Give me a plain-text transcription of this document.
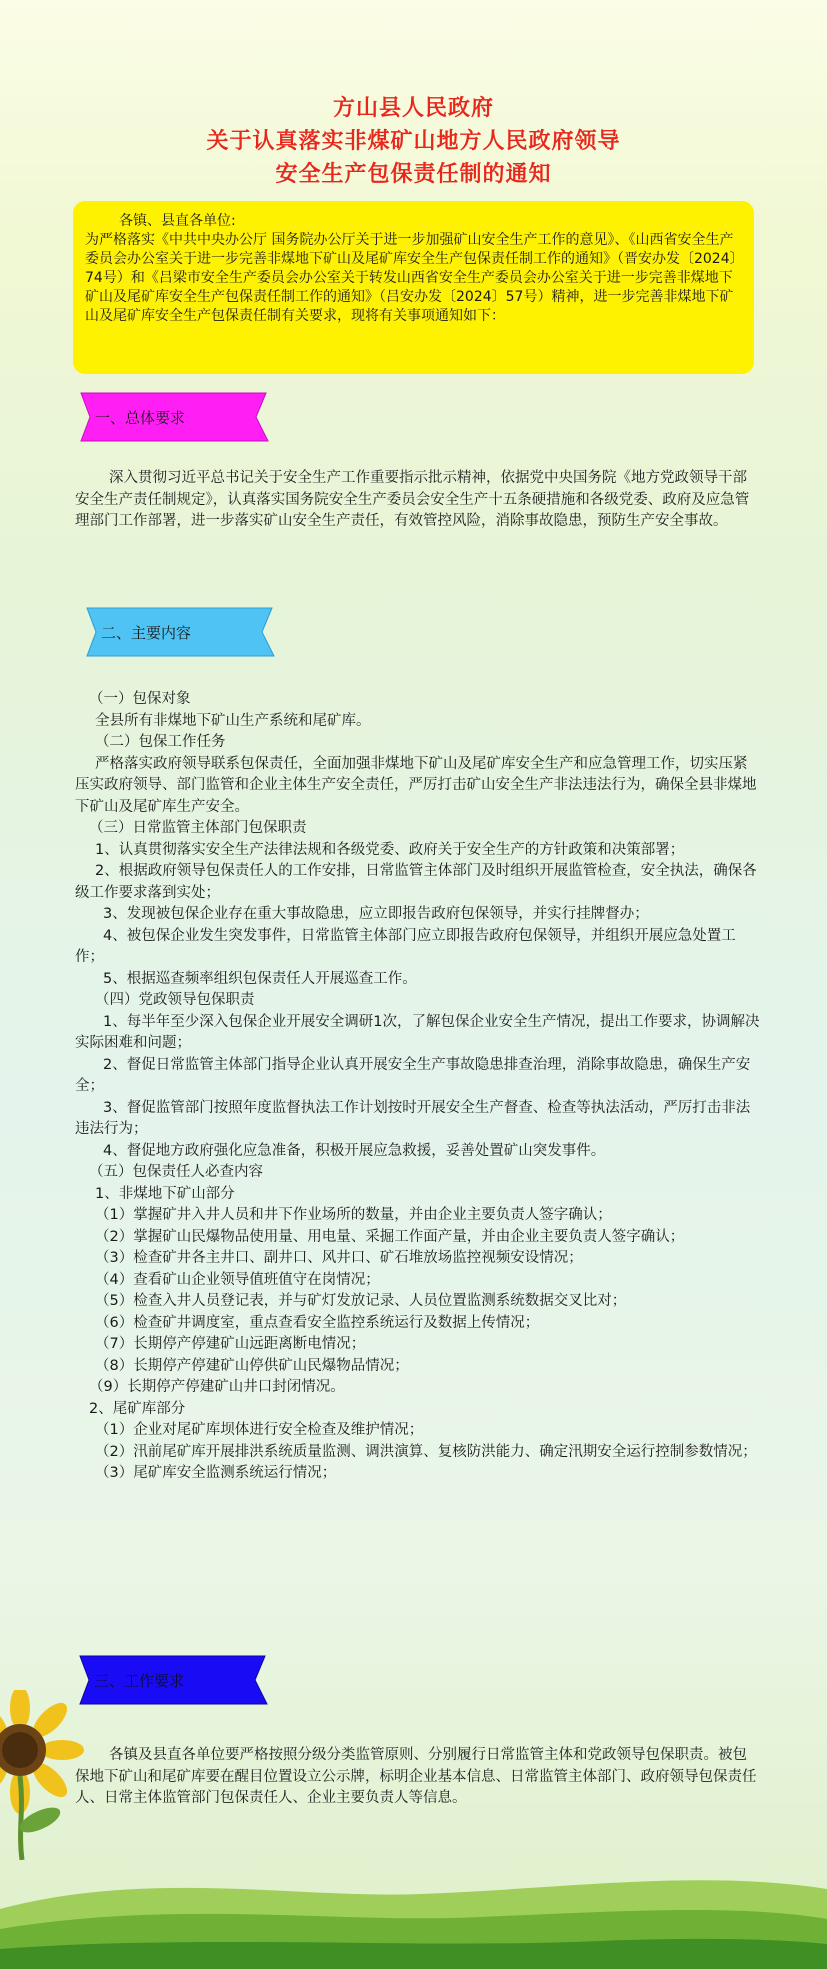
方山县人民政府
关于认真落实非煤矿山地方人民政府领导
安全生产包保责任制的通知
各镇、县直各单位:
为严格落实《中共中央办公厅 国务院办公厅关于进一步加强矿山安全生产工作的意见》、《山西省安全生产委员会办公室关于进一步完善非煤地下矿山及尾矿库安全生产包保责任制工作的通知》（晋安办发〔2024〕74号）和《吕梁市安全生产委员会办公室关于转发山西省安全生产委员会办公室关于进一步完善非煤地下矿山及尾矿库安全生产包保责任制工作的通知》（吕安办发〔2024〕57号）精神，进一步完善非煤地下矿山及尾矿库安全生产包保责任制有关要求，现将有关事项通知如下：
一、总体要求

深入贯彻习近平总书记关于安全生产工作重要指示批示精神，依据党中央国务院《地方党政领导干部安全生产责任制规定》，认真落实国务院安全生产委员会安全生产十五条硬措施和各级党委、政府及应急管理部门工作部署，进一步落实矿山安全生产责任，有效管控风险，消除事故隐患，预防生产安全事故。

二、主要内容

（一）包保对象

全县所有非煤地下矿山生产系统和尾矿库。

（二）包保工作任务

严格落实政府领导联系包保责任，全面加强非煤地下矿山及尾矿库安全生产和应急管理工作，切实压紧压实政府领导、部门监管和企业主体生产安全责任，严厉打击矿山安全生产非法违法行为，确保全县非煤地下矿山及尾矿库生产安全。

（三）日常监管主体部门包保职责

1、认真贯彻落实安全生产法律法规和各级党委、政府关于安全生产的方针政策和决策部署；

2、根据政府领导包保责任人的工作安排，日常监管主体部门及时组织开展监管检查，安全执法，确保各级工作要求落到实处；

3、发现被包保企业存在重大事故隐患，应立即报告政府包保领导，并实行挂牌督办；

4、被包保企业发生突发事件，日常监管主体部门应立即报告政府包保领导，并组织开展应急处置工作；

5、根据巡查频率组织包保责任人开展巡查工作。

（四）党政领导包保职责

1、每半年至少深入包保企业开展安全调研1次，了解包保企业安全生产情况，提出工作要求，协调解决实际困难和问题；

2、督促日常监管主体部门指导企业认真开展安全生产事故隐患排查治理，消除事故隐患，确保生产安全；

3、督促监管部门按照年度监督执法工作计划按时开展安全生产督查、检查等执法活动，严厉打击非法违法行为；

4、督促地方政府强化应急准备，积极开展应急救援，妥善处置矿山突发事件。

（五）包保责任人必查内容

1、非煤地下矿山部分

（1）掌握矿井入井人员和井下作业场所的数量，并由企业主要负责人签字确认；

（2）掌握矿山民爆物品使用量、用电量、采掘工作面产量，并由企业主要负责人签字确认；

（3）检查矿井各主井口、副井口、风井口、矿石堆放场监控视频安设情况；

（4）查看矿山企业领导值班值守在岗情况；

（5）检查入井人员登记表，并与矿灯发放记录、人员位置监测系统数据交叉比对；

（6）检查矿井调度室，重点查看安全监控系统运行及数据上传情况；

（7）长期停产停建矿山远距离断电情况；

（8）长期停产停建矿山停供矿山民爆物品情况；

（9）长期停产停建矿山井口封闭情况。

2、尾矿库部分

（1）企业对尾矿库坝体进行安全检查及维护情况；

（2）汛前尾矿库开展排洪系统质量监测、调洪演算、复核防洪能力、确定汛期安全运行控制参数情况；

（3）尾矿库安全监测系统运行情况；

三、工作要求

各镇及县直各单位要严格按照分级分类监管原则、分别履行日常监管主体和党政领导包保职责。被包保地下矿山和尾矿库要在醒目位置设立公示牌，标明企业基本信息、日常监管主体部门、政府领导包保责任人、日常主体监管部门包保责任人、企业主要负责人等信息。
